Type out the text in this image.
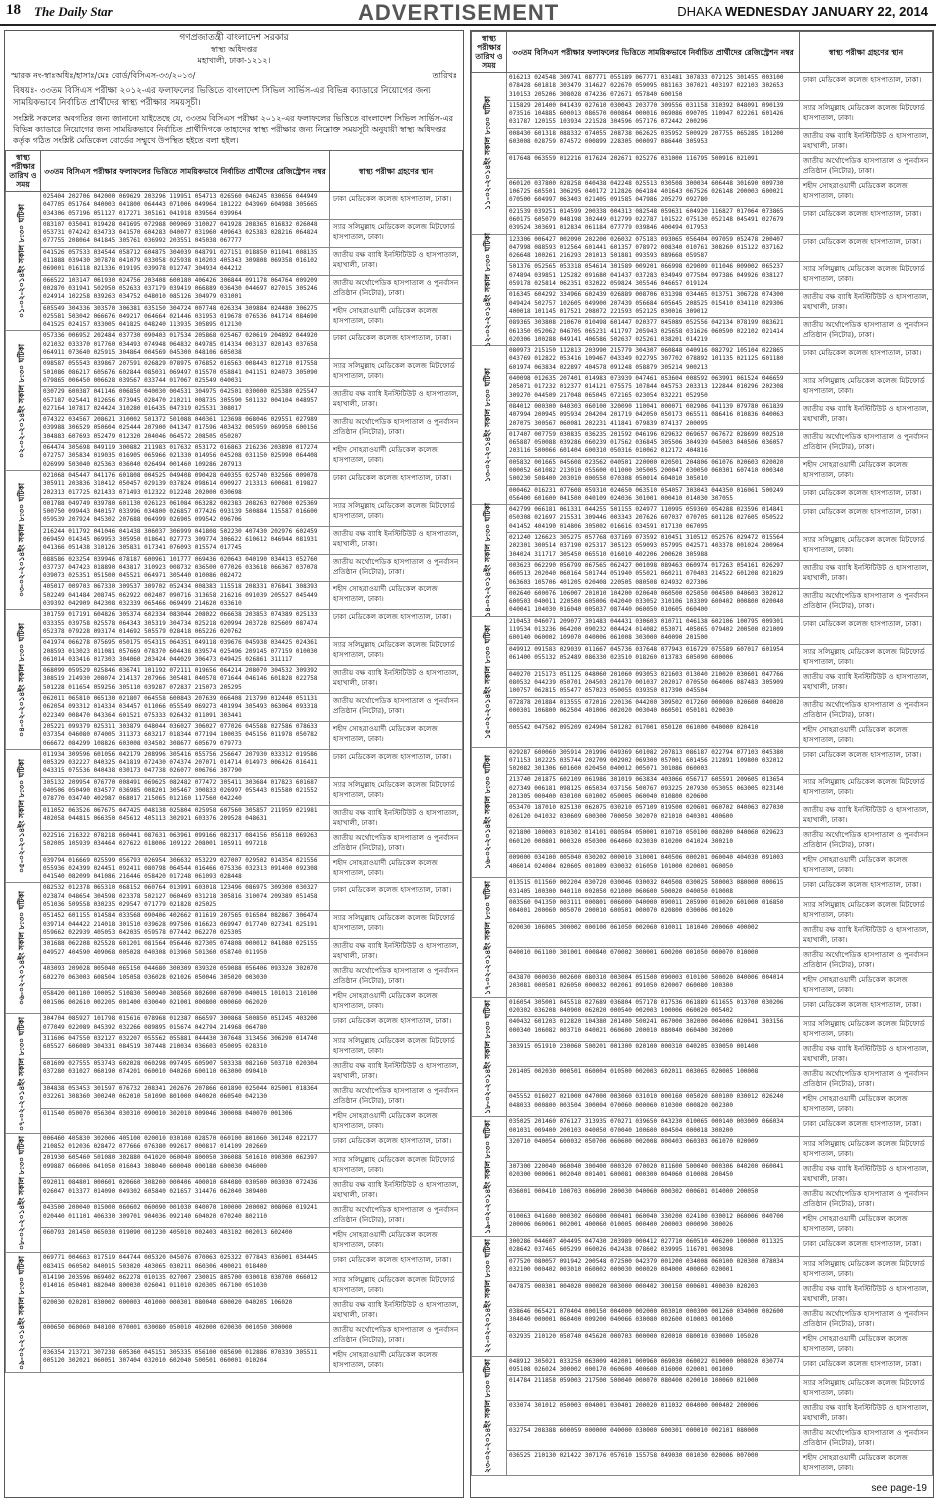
18 The Daily Star	ADVERTISEMENT	DHAKA WEDNESDAY JANUARY 22, 2014
গণপ্রজাতন্ত্রী বাংলাদেশ সরকার
স্বাস্থ্য অধিদপ্তর
মহাখালী, ঢাকা-১২১২।
স্মারক নং-স্বাঃঅধিঃ/হাসাঃ/মেঃ বোর্ড/বিসিএস-৩৩/২০১৩/	তারিখঃ
বিষয়ঃ- ৩৩তম বিসিএস পরীক্ষা ২০১২-এর ফলাফলের ভিত্তিতে বাংলাদেশ সিভিল সার্ভিস-এর বিভিন্ন ক্যাডারে নিয়োগের জন্য সাময়িকভাবে নির্বাচিত প্রার্থীদের স্বাস্থ্য পরীক্ষার সময়সূচী।
সংশ্লিষ্ট সকলের অবগতির জন্য জানানো যাইতেছে যে, ৩৩তম বিসিএস পরীক্ষা ২০১২-এর ফলাফলের ভিত্তিতে বাংলাদেশ সিভিল সার্ভিস-এর বিভিন্ন ক্যাডারে নিয়োগের জন্য সাময়িকভাবে নির্বাচিত প্রার্থীদিগকে তাহাদের স্বাস্থ্য পরীক্ষার জন্য নিম্নোক্ত সময়সূচী অনুযায়ী স্বাস্থ্য অধিদপ্তর কর্তৃক গঠিত সংশ্লিষ্ট মেডিকেল বোর্ডের সম্মুখে উপস্থিত হইতে বলা হইল।
স্বাস্থ্য পরীক্ষার তারিখ ও সময়	৩৩তম বিসিএস পরীক্ষার ফলাফলের ভিত্তিতে সাময়িকভাবে নির্বাচিত প্রার্থীদের রেজিস্ট্রেশন নম্বর	স্বাস্থ্য পরীক্ষা গ্রহণের স্থান

০১-০২-২০১৪ইং সকাল ৮:৩০ ঘটিকা	025404 202706 042000 069629 203296 119951 054713 026560 046245 030656 044949 047705 051764 040003 041800 064443 071006 049964 101222 043969 604988 305665 034306 057196 051127 017271 305161 041918 039564 039964	ঢাকা মেডিকেল কলেজ হাসপাতাল, ঢাকা।
	083107 035041 019428 041695 072988 009069 310027 041928 208365 016832 026048 053731 074242 034733 041570 604283 040077 031960 409643 025383 028216 064824 077755 208064 041845 305761 036992 203551 045038 067777	স্যার সলিমুল্লাহ মেডিকেল কলেজ মিটফোর্ড হাসপাতাল, ঢাকা।
	041526 057533 034544 058712 604875 304039 048791 027151 018850 011041 008135 011888 039430 307878 041079 033058 025938 010203 405343 309808 069358 016102 069001 016118 021336 019195 039978 012747 304934 044212	জাতীয় বক্ষ ব্যাধি ইনস্টিটিউট ও হাসপাতাল, মহাখালী, ঢাকা।
	066522 103147 061930 024756 203408 600180 406426 306844 091178 064764 009209 002870 031941 502950 052633 037179 039419 066889 036430 044697 027015 305246 024914 102258 039263 034752 048010 085126 304979 031001	জাতীয় অর্থোপেডিক হাসপাতাল ও পুনর্বাসন প্রতিষ্ঠান (নিটোর), ঢাকা।
	605549 304336 303570 306381 035150 304724 007748 026334 309884 024480 306275 025581 503042 066676 049217 064664 021446 031953 019678 076536 041714 084690 041525 024157 033005 041825 048240 113935 305895 012130	শহীদ সোহরাওয়ার্দী মেডিকেল কলেজ হাসপাতাল, ঢাকা।

০২-০২-২০১৪ইং সকাল ৮:৩০ ঘটিকা	057336 006952 202484 037730 090403 017534 205868 025467 020619 204892 044920 021032 033370 017760 034493 074948 064832 049785 014334 003137 020143 037658 064911 073640 025915 304864 004569 045300 048106 605038	ঢাকা মেডিকেল কলেজ হাসপাতাল, ঢাকা।
	098587 055543 039867 207591 026829 078975 076852 016563 008443 012710 017558 501086 086217 605676 602844 085031 069497 015570 058841 041151 024073 305090 079865 006450 006628 039567 033744 017067 025549 040031	স্যার সলিমুল্লাহ মেডিকেল কলেজ মিটফোর্ড হাসপাতাল, ঢাকা।
	030729 600387 041146 006850 040030 004531 304975 042501 030000 025380 025547 057187 025441 012656 073945 028470 210211 008735 305590 501132 004104 048957 027164 107817 024424 310280 016435 047319 025531 308017	জাতীয় বক্ষ ব্যাধি ইনস্টিটিউট ও হাসপাতাল, মহাখালী, ঢাকা।
	074322 034567 208621 310002 501372 501088 040361 123698 068046 029551 027989 039988 306529 050604 025444 207900 041347 017596 403432 005959 069950 600156 304883 607693 052479 012320 204046 064572 208505 050207	জাতীয় অর্থোপেডিক হাসপাতাল ও পুনর্বাসন প্রতিষ্ঠান (নিটোর), ঢাকা।
	064474 305698 049119 300882 211983 017632 053172 016863 216236 203890 017274 072757 305834 019035 016905 065966 021330 014956 045208 031150 025990 064408 026999 503040 025363 036040 026494 001460 109286 207913	শহীদ সোহরাওয়ার্দী মেডিকেল কলেজ হাসপাতাল, ঢাকা।

০৩-০২-২০১৪ইং সকাল ৮:৩০ ঘটিকা	021068 045447 041176 601808 004525 049408 090428 040355 025740 032566 009078 305911 203836 310412 050457 029139 037824 098614 090927 213313 600681 019827 202313 017725 021433 071493 012322 012248 202000 030698	ঢাকা মেডিকেল কলেজ হাসপাতাল, ঢাকা।
	001788 049749 039780 601130 026123 061084 063282 002383 208263 027000 025369 500750 099443 040157 033996 034800 026857 077426 093139 500884 115587 016600 059539 207924 045302 207688 064999 026905 099542 096706	স্যার সলিমুল্লাহ মেডিকেল কলেজ মিটফোর্ড হাসপাতাল, ঢাকা।
	216244 011792 041046 041438 306037 306999 041808 502230 407430 202976 602459 069459 014345 069953 305950 018641 027773 309774 306622 610612 046944 081931 041366 051438 310126 305831 017341 076093 015574 017745	জাতীয় বক্ষ ব্যাধি ইনস্টিটিউট ও হাসপাতাল, মহাখালী, ঢাকা।
	088586 023254 039946 078187 600961 101777 069436 020643 040190 034413 052760 037737 047423 018890 043817 310923 008732 036500 077026 033618 066367 037078 039073 025351 051500 045521 064971 305440 010086 082472	জাতীয় অর্থোপেডিক হাসপাতাল ও পুনর্বাসন প্রতিষ্ঠান (নিটোর), ঢাকা।
	405017 009703 067330 309537 309702 052434 008383 115518 208331 076841 308393 502249 041484 208745 062922 002407 090716 313658 216216 091039 205527 045449 039392 042909 042308 032339 065466 069499 214620 033610	শহীদ সোহরাওয়ার্দী মেডিকেল কলেজ হাসপাতাল, ঢাকা।

০৪-০২-২০১৪ইং সকাল ৮:৩০ ঘটিকা	301759 017191 604826 305374 602334 083044 208022 066638 203853 074389 025133 033355 039758 025578 064343 305319 304734 025218 020994 203728 025609 087474 052378 079228 093174 014692 505579 028418 065226 020762	ঢাকা মেডিকেল কলেজ হাসপাতাল, ঢাকা।
	041974 066278 075695 050175 054315 064351 049118 039676 045938 034425 024361 208593 013023 011081 057669 078370 604438 039574 025496 209145 077159 010030 061014 033416 017303 304060 203424 044029 306473 049425 026861 311117	স্যার সলিমুল্লাহ মেডিকেল কলেজ মিটফোর্ড হাসপাতাল, ঢাকা।
	068099 059529 025846 036741 101192 072111 019656 064214 208070 304532 309392 308519 214930 208074 214137 207966 305481 040578 071644 046146 601828 022758 501228 011654 059256 305110 039287 072837 215073 205295	জাতীয় বক্ষ ব্যাধি ইনস্টিটিউট ও হাসপাতাল, মহাখালী, ঢাকা।
	062011 065810 065130 021807 064558 600843 207639 066408 213790 012440 051131 062054 093312 014334 034457 011066 055549 069273 401994 305493 063064 093318 022349 008470 043364 601521 075333 026432 011091 303441	জাতীয় অর্থোপেডিক হাসপাতাল ও পুনর্বাসন প্রতিষ্ঠান (নিটোর), ঢাকা।
	205221 099379 025311 303879 048044 036027 306027 077026 045588 027586 078633 037354 046080 074005 311373 603217 018344 077194 100035 045156 011978 050782 066672 084299 108826 603008 034502 308677 605679 079773	শহীদ সোহরাওয়ার্দী মেডিকেল কলেজ হাসপাতাল, ঢাকা।

০৫-০২-২০১৪ইং সকাল ৮:৩০ ঘটিকা	011934 309596 601056 042179 208996 305416 055756 256647 207930 033312 019586 005329 032227 040325 041819 072430 074374 207071 014714 014973 006426 016411 043315 075536 040438 030173 047738 026077 006766 307790	ঢাকা মেডিকেল কলেজ হাসপাতাল, ঢাকা।
	305132 209954 076770 008491 069625 082482 077472 305411 303684 017823 601687 040506 050490 034577 036985 008201 305467 300833 026997 055443 015580 021552 078770 034740 402987 068017 215065 012160 117560 042240	স্যার সলিমুল্লাহ মেডিকেল কলেজ মিটফোর্ড হাসপাতাল, ঢাকা।
	011052 063526 067675 047425 048138 025804 025958 607560 305857 211959 021981 402058 044815 066350 045612 405113 302921 603376 209528 048631	জাতীয় বক্ষ ব্যাধি ইনস্টিটিউট ও হাসপাতাল, মহাখালী, ঢাকা।
	022516 216322 078218 060441 087631 063961 099166 082317 084156 056110 069263 502005 105939 034464 027622 018006 109122 208001 105911 097218	জাতীয় অর্থোপেডিক হাসপাতাল ও পুনর্বাসন প্রতিষ্ঠান (নিটোর), ঢাকা।
	039794 016669 025599 056793 026954 306632 053229 027007 029502 014354 021556 055936 024399 024451 092411 080798 064544 016466 075336 032313 091400 092308 041540 082099 041086 216446 058420 017248 061093 028448	শহীদ সোহরাওয়ার্দী মেডিকেল কলেজ হাসপাতাল, ঢাকা।

০৬-০২-২০১৪ইং সকাল ৮:৩০ ঘটিকা	082532 012378 065310 068152 060764 013991 603018 123496 086975 309300 030327 023874 048654 304598 023378 502127 060469 031218 305816 310074 209389 051458 051036 509558 030235 029547 071779 021828 025025	ঢাকা মেডিকেল কলেজ হাসপাতাল, ঢাকা।
	051452 601155 014584 033568 090406 402662 011619 207565 016504 082867 306474 039714 044422 214018 301510 039628 097506 016623 069947 017740 027341 025191 059662 022939 405053 042035 059578 077442 062270 025305	স্যার সলিমুল্লাহ মেডিকেল কলেজ মিটফোর্ড হাসপাতাল, ঢাকা।
	301688 062208 025528 601201 081564 056446 027305 074808 000012 041080 025155 049527 404590 409068 005028 040308 013960 501360 058740 011950	জাতীয় বক্ষ ব্যাধি ইনস্টিটিউট ও হাসপাতাল, মহাখালী, ঢাকা।
	403093 209028 005040 065150 044680 300309 039320 059088 056406 093320 302070 602270 063003 608504 105058 036028 021026 050046 305020 003030	জাতীয় অর্থোপেডিক হাসপাতাল ও পুনর্বাসন প্রতিষ্ঠান (নিটোর), ঢাকা।
	058420 001100 100052 510830 500940 308560 802600 607090 040015 101013 210100 001506 002610 002205 001400 030040 021001 000800 000060 062020	শহীদ সোহরাওয়ার্দী মেডিকেল কলেজ হাসপাতাল, ঢাকা।

০৭-০২-২০১৪ইং সকাল ৮:৩০ ঘটিকা	304704 085927 101798 015616 078968 012387 066597 300868 500850 051245 403200 077049 022089 045392 032266 089895 015674 042794 214968 064780	ঢাকা মেডিকেল কলেজ হাসপাতাল, ঢাকা।
	311606 047550 032127 032207 055562 055881 044430 307648 313456 306290 014740 605527 606089 304331 084519 307448 210034 036603 050095 028310	স্যার সলিমুল্লাহ মেডিকেল কলেজ মিটফোর্ড হাসপাতাল, ঢাকা।
	601609 027555 053743 602028 060298 097495 605907 503338 082160 503710 020304 037280 031027 060190 074201 060010 040260 600110 063000 090410	জাতীয় বক্ষ ব্যাধি ইনস্টিটিউট ও হাসপাতাল, মহাখালী, ঢাকা।
	304838 053453 301597 076732 208341 202676 207866 601890 025044 025001 018364 032261 308360 300240 062010 501090 801000 040020 060540 042130	জাতীয় অর্থোপেডিক হাসপাতাল ও পুনর্বাসন প্রতিষ্ঠান (নিটোর), ঢাকা।
	011540 050070 056304 030310 090010 302010 009046 300008 040070 001306	শহীদ সোহরাওয়ার্দী মেডিকেল কলেজ হাসপাতাল, ঢাকা।

০৮-০২-২০১৪ইং সকাল ৮:৩০ ঘটিকা	006460 405830 302006 405100 020010 030100 028570 060100 801060 301240 022177 210852 012036 028472 077666 076380 092617 000817 014109 202669	ঢাকা মেডিকেল কলেজ হাসপাতাল, ঢাকা।
	201930 605460 501080 302880 041020 060040 800050 306088 501610 090300 062397 099887 066006 041050 016043 308040 600040 000180 600030 046000	স্যার সলিমুল্লাহ মেডিকেল কলেজ মিটফোর্ড হাসপাতাল, ঢাকা।
	092011 084801 000601 020660 308200 000406 400010 604080 030500 003030 072436 026047 013377 014090 049302 605840 021657 314476 062040 309400	জাতীয় বক্ষ ব্যাধি ইনস্টিটিউট ও হাসপাতাল, মহাখালী, ঢাকা।
	043500 200040 015000 060602 060090 001030 040070 100000 200002 008060 019241 020440 011101 406330 309701 904036 092140 604020 070240 802110	জাতীয় অর্থোপেডিক হাসপাতাল ও পুনর্বাসন প্রতিষ্ঠান (নিটোর), ঢাকা।
	060793 201450 065030 019090 001230 405010 002403 403102 002013 602400	শহীদ সোহরাওয়ার্দী মেডিকেল কলেজ হাসপাতাল, ঢাকা।

০৯-০২-২০১৪ইং সকাল ৮:৩০ ঘটিকা	069771 004663 017519 044744 005320 045076 070063 025322 077843 036001 034445 083415 060502 040015 503020 403065 030211 060306 400021 018400	ঢাকা মেডিকেল কলেজ হাসপাতাল, ঢাকা।
	014190 203596 069402 062278 010135 027007 230015 805700 030018 030700 066012 014016 050401 082040 800030 026041 011010 020305 067100 051030	স্যার সলিমুল্লাহ মেডিকেল কলেজ মিটফোর্ড হাসপাতাল, ঢাকা।
	020030 020201 030002 000003 401000 000301 080040 600020 040205 106020	জাতীয় বক্ষ ব্যাধি ইনস্টিটিউট ও হাসপাতাল, মহাখালী, ঢাকা।
	000650 060060 040100 070001 030080 050010 402000 020030 001050 300000	জাতীয় অর্থোপেডিক হাসপাতাল ও পুনর্বাসন প্রতিষ্ঠান (নিটোর), ঢাকা।
	036354 213721 307238 605360 045151 305335 056100 085690 012886 070339 305511 005120 302021 060051 307404 032010 602040 500501 060001 010204	শহীদ সোহরাওয়ার্দী মেডিকেল কলেজ হাসপাতাল, ঢাকা।
স্বাস্থ্য পরীক্ষার তারিখ ও সময়	৩৩তম বিসিএস পরীক্ষার ফলাফলের ভিত্তিতে সাময়িকভাবে নির্বাচিত প্রার্থীদের রেজিস্ট্রেশন নম্বর	স্বাস্থ্য পরীক্ষা গ্রহণের স্থান

১১-০২-২০১৪ইং সকাল ৮:৩০ ঘটিকা	016213 024548 309741 087771 055189 067771 031481 307833 072125 301455 003100 078428 601818 303479 314627 022670 059095 081163 307021 403197 022103 302653 310153 205206 308028 074236 072671 057840 600150	ঢাকা মেডিকেল কলেজ হাসপাতাল, ঢাকা।
	115829 201400 041439 027610 030043 203770 309556 031158 310392 048091 090139 073516 104885 600013 086570 000864 000016 069086 090705 110947 022261 601426 031787 120155 103934 221528 304596 057176 072442 200296	স্যার সলিমুল্লাহ মেডিকেল কলেজ মিটফোর্ড হাসপাতাল, ঢাকা।
	008430 601318 088332 074055 208738 062625 035952 500929 207755 065285 101200 603008 028759 074572 000899 228305 000097 086440 305953	জাতীয় বক্ষ ব্যাধি ইনস্টিটিউট ও হাসপাতাল, মহাখালী, ঢাকা।
	017648 063559 012216 017624 202671 025276 031000 116795 500916 021091	জাতীয় অর্থোপেডিক হাসপাতাল ও পুনর্বাসন প্রতিষ্ঠান (নিটোর), ঢাকা।
	060120 037800 028258 040438 042248 025513 030508 300034 606448 301690 009730 106725 605501 306295 040172 212826 064184 401643 067526 026148 200003 600021 070500 604997 063403 021405 091585 047986 205279 092780	শহীদ সোহরাওয়ার্দী মেডিকেল কলেজ হাসপাতাল, ঢাকা।
	021539 039251 014599 200338 004313 082548 059631 604920 116827 017064 073865 060175 605079 048198 302449 012799 022787 101522 075130 052148 045491 027679 039524 303691 012834 061184 077779 039846 400494 017953	ঢাকা মেডিকেল কলেজ হাসপাতাল, ঢাকা।

১২-০২-২০১৪ইং সকাল ৮:৩০ ঘটিকা	123306 006427 002090 202200 026032 075183 093065 056404 097059 052478 200407 047998 088593 012564 601441 601357 078972 008340 010761 308260 015122 037162 026648 100261 216293 201013 501881 093593 089668 059587	ঢাকা মেডিকেল কলেজ হাসপাতাল, ঢাকা।
	501376 052565 053318 054614 301589 009201 066998 029009 011046 009002 065237 074894 039851 125282 091680 041437 037283 034949 077504 097386 049926 038127 059178 025814 062351 032022 059824 305546 046657 019124	স্যার সলিমুল্লাহ মেডিকেল কলেজ মিটফোর্ড হাসপাতাল, ঢাকা।
	016345 604292 334966 602439 026889 008706 031398 034465 013751 306728 074300 049424 502757 102605 049900 207439 056684 605645 208525 015410 034110 029306 400018 101145 017521 208072 221593 052125 030016 309012	জাতীয় বক্ষ ব্যাধি ইনস্টিটিউট ও হাসপাতাল, মহাখালী, ঢাকা।
	089365 303808 210670 010498 601447 020377 045089 052556 042134 078199 083621 061350 052062 046705 065231 411797 205943 025658 031626 060590 022102 021414 020306 100288 049141 406586 502637 025261 038201 014219	জাতীয় অর্থোপেডিক হাসপাতাল ও পুনর্বাসন প্রতিষ্ঠান (নিটোর), ঢাকা।

১৩-০২-২০১৪ইং সকাল ৮:৩০ ঘটিকা	080973 215150 112813 203990 215779 304307 060848 040916 082792 105104 022865 043769 012822 053416 109467 043349 022795 307702 078892 101135 021125 601180 601974 063834 022897 404578 091248 058879 305214 900213	ঢাকা মেডিকেল কলেজ হাসপাতাল, ঢাকা।
	040098 012635 207401 014983 073939 047461 053604 008592 063991 061524 046659 205071 017232 012377 014121 075575 107844 045753 203313 122844 010296 202308 309270 044509 217048 065045 072165 023054 032221 052950	স্যার সলিমুল্লাহ মেডিকেল কলেজ মিটফোর্ড হাসপাতাল, ঢাকা।
	084012 000300 040303 060100 320090 110041 000071 002906 041139 079780 061839 407994 200945 095934 204204 201719 042050 050173 065511 086416 010836 040063 207075 300567 060081 202231 411841 079839 074137 200095	জাতীয় বক্ষ ব্যাধি ইনস্টিটিউট ও হাসপাতাল, মহাখালী, ঢাকা।
	017407 007759 030835 036235 201592 046196 029632 069657 067672 028699 002510 065887 050088 039286 060239 017562 036845 305506 304939 045003 040506 036057 203116 500066 601404 600310 050316 010062 012172 404816	জাতীয় অর্থোপেডিক হাসপাতাল ও পুনর্বাসন প্রতিষ্ঠান (নিটোর), ঢাকা।
	005832 001665 045608 023562 040501 220000 020501 204806 061076 020603 020020 000052 601082 213010 055600 011000 305005 200047 030050 060301 607410 000340 500230 508400 203010 000550 070308 050014 604010 305010	শহীদ সোহরাওয়ার্দী মেডিকেল কলেজ হাসপাতাল, ঢাকা।
	000462 016231 077608 059310 024650 063510 054057 303043 044350 016061 500249 056400 601600 041500 040109 024036 301001 000410 014030 307055	ঢাকা মেডিকেল কলেজ হাসপাতাল, ঢাকা।

১৪-০২-২০১৪ইং সকাল ৮:৩০ ঘটিকা	042799 066181 061331 044255 501155 024977 110995 059369 054288 023596 014841 050308 021697 215531 309446 003343 207626 607037 070705 601128 027605 050522 041452 404190 014806 305002 016616 034591 017130 067095	ঢাকা মেডিকেল কলেজ হাসপাতাল, ঢাকা।
	021240 126623 305275 057768 037169 073592 010451 310512 052576 029472 015564 202301 300514 037190 025317 305123 059093 057995 042571 403378 001024 200964 304024 311717 305450 065510 016010 402206 200620 305988	স্যার সলিমুল্লাহ মেডিকেল কলেজ মিটফোর্ড হাসপাতাল, ঢাকা।
	003623 062290 056799 067565 062427 001098 089463 060974 017263 054161 026297 060513 202040 060164 501744 051940 055021 060211 070403 214522 601208 021029 063603 105706 401205 020408 220505 080508 024932 027306	জাতীয় বক্ষ ব্যাধি ইনস্টিটিউট ও হাসপাতাল, মহাখালী, ঢাকা।
	002640 600076 106007 201010 104200 020640 060500 025050 004500 040603 302012 600503 040011 220500 605006 042040 033052 310106 103309 600402 000800 020040 040041 104030 016040 005037 087440 060050 010605 060400	জাতীয় অর্থোপেডিক হাসপাতাল ও পুনর্বাসন প্রতিষ্ঠান (নিটোর), ঢাকা।

১৫-০২-২০১৪ইং সকাল ৮:৩০ ঘটিকা	210453 046071 209077 301483 044431 030603 010711 046138 602106 100795 009301 119534 013236 064200 090232 004424 014082 053071 405065 079402 200500 021009 600140 060002 109070 040006 061008 303000 040090 201500	ঢাকা মেডিকেল কলেজ হাসপাতাল, ঢাকা।
	049912 091583 029039 011667 045736 037648 077943 016729 075589 607017 601954 061400 055132 052489 086330 023510 018260 013783 605090 600006	স্যার সলিমুল্লাহ মেডিকেল কলেজ মিটফোর্ড হাসপাতাল, ঢাকা।
	040270 215173 051125 048060 201060 093053 021603 013040 210020 030601 047766 080532 044239 050701 204503 202170 001037 202017 070550 064006 087483 305909 100757 062815 055477 057023 050055 039350 017390 045504	জাতীয় বক্ষ ব্যাধি ইনস্টিটিউট ও হাসপাতাল, মহাখালী, ঢাকা।
	072878 201884 013555 072016 220136 044200 309502 017260 000080 020600 040020 000301 106800 062504 401006 002020 003040 060501 050101 020030	জাতীয় অর্থোপেডিক হাসপাতাল ও পুনর্বাসন প্রতিষ্ঠান (নিটোর), ঢাকা।
	005542 047502 095209 024904 501202 017001 050120 061000 040000 020410	শহীদ সোহরাওয়ার্দী মেডিকেল কলেজ হাসপাতাল, ঢাকা।

১৬-০২-২০১৪ইং সকাল ৮:৩০ ঘটিকা	029287 600060 305914 201996 049369 601082 207813 086187 022794 077103 045380 071153 102225 035744 202709 002902 069300 057001 601456 212891 109800 032012 502082 301306 601600 020450 040012 005071 301086 060003	ঢাকা মেডিকেল কলেজ হাসপাতাল, ঢাকা।
	213740 201875 602109 061986 301019 063834 403066 056717 605591 209605 013654 027349 006181 098125 065034 037156 500767 093225 207930 053055 063005 023140 201305 000400 030100 601002 050005 060040 010800 020600	স্যার সলিমুল্লাহ মেডিকেল কলেজ মিটফোর্ড হাসপাতাল, ঢাকা।
	053470 187010 025130 062075 030210 057109 019500 020601 060702 040063 027030 026120 041032 030609 600300 700050 302070 021010 040301 400600	জাতীয় বক্ষ ব্যাধি ইনস্টিটিউট ও হাসপাতাল, মহাখালী, ঢাকা।
	021800 100003 010302 014101 080504 050001 010710 050100 080200 040060 029623 060120 000801 000320 050300 064060 023030 010200 041024 300210	জাতীয় অর্থোপেডিক হাসপাতাল ও পুনর্বাসন প্রতিষ্ঠান (নিটোর), ঢাকা।
	009000 034100 005040 030202 000010 310001 040506 000201 060040 404030 091003 406014 024004 020605 001009 030032 016050 101000 020001 060050	শহীদ সোহরাওয়ার্দী মেডিকেল কলেজ হাসপাতাল, ঢাকা।

১৭-০২-২০১৪ইং সকাল ৮:৩০ ঘটিকা	013515 011560 002204 030720 030046 030032 040508 030025 500003 080000 000615 031405 100300 040110 002050 021000 060600 500020 040050 010008	ঢাকা মেডিকেল কলেজ হাসপাতাল, ঢাকা।
	003560 041350 003111 000801 006000 040000 090011 205900 010020 601000 016850 004001 200060 005070 200010 600501 000070 020800 030006 001020	স্যার সলিমুল্লাহ মেডিকেল কলেজ মিটফোর্ড হাসপাতাল, ঢাকা।
	020030 106005 300002 000100 061050 002060 010011 101040 200060 400002	জাতীয় বক্ষ ব্যাধি ইনস্টিটিউট ও হাসপাতাল, মহাখালী, ঢাকা।
	040010 061100 301001 000840 070002 300001 600200 001050 000070 010000	জাতীয় অর্থোপেডিক হাসপাতাল ও পুনর্বাসন প্রতিষ্ঠান (নিটোর), ঢাকা।
	043870 000030 002600 080310 003004 051500 090003 010100 500020 040006 004014 203081 000501 026050 000032 002061 091050 020007 060080 100300	শহীদ সোহরাওয়ার্দী মেডিকেল কলেজ হাসপাতাল, ঢাকা।

১৮-০২-২০১৪ইং সকাল ৮:৩০ ঘটিকা	016054 305001 045518 027689 036804 057178 017536 061889 611655 013700 030206 020302 036208 040900 062020 000540 002003 100006 060020 005402	ঢাকা মেডিকেল কলেজ হাসপাতাল, ঢাকা।
	040432 601203 012820 104380 201400 500241 067000 302000 004006 020041 303156 000340 106082 003710 040021 060600 200010 080040 060400 302000	স্যার সলিমুল্লাহ মেডিকেল কলেজ মিটফোর্ড হাসপাতাল, ঢাকা।
	303915 051910 230060 500201 001300 020100 000310 040205 030050 001400	জাতীয় বক্ষ ব্যাধি ইনস্টিটিউট ও হাসপাতাল, মহাখালী, ঢাকা।
	201405 002030 000501 060004 010500 002003 602011 003065 020005 100008	জাতীয় অর্থোপেডিক হাসপাতাল ও পুনর্বাসন প্রতিষ্ঠান (নিটোর), ঢাকা।
	045552 016027 021000 047000 003060 031010 000160 005020 600100 030012 026240 048033 000800 003504 300004 070060 000060 010300 000820 002300	শহীদ সোহরাওয়ার্দী মেডিকেল কলেজ হাসপাতাল, ঢাকা।

১৯-০২-২০১৪ইং সকাল ৮:৩০ ঘটিকা	035025 201460 076127 313935 070271 039650 043230 010065 000140 003009 066034 001031 009400 200103 040050 070040 100600 004504 000018 300200	ঢাকা মেডিকেল কলেজ হাসপাতাল, ঢাকা।
	320710 040054 600032 050700 060600 002008 000403 060303 061070 020009	স্যার সলিমুল্লাহ মেডিকেল কলেজ মিটফোর্ড হাসপাতাল, ঢাকা।
	307300 220040 060040 300400 000320 070020 011600 500040 000306 040200 060041 020300 000061 002040 001401 600081 000300 004060 010008 200450	জাতীয় বক্ষ ব্যাধি ইনস্টিটিউট ও হাসপাতাল, মহাখালী, ঢাকা।
	036001 000410 100703 006090 200030 040060 000302 000601 014000 200050	জাতীয় অর্থোপেডিক হাসপাতাল ও পুনর্বাসন প্রতিষ্ঠান (নিটোর), ঢাকা।
	010063 041600 000302 060800 000401 060040 330200 024100 030012 060006 040700 200006 060061 002001 400060 010005 000400 200003 000090 300026	শহীদ সোহরাওয়ার্দী মেডিকেল কলেজ হাসপাতাল, ঢাকা।

২২-০২-২০১৪ইং সকাল ৮:৩০ ঘটিকা	300286 044607 404495 047430 203989 000412 027710 060510 406200 100000 011325 028642 037465 605299 060026 042438 078602 039995 116701 003098	ঢাকা মেডিকেল কলেজ হাসপাতাল, ঢাকা।
	077520 080057 091942 200548 072500 042379 001200 034008 060100 020300 078034 032100 000402 003010 060002 000030 000020 004000 400060 020001	স্যার সলিমুল্লাহ মেডিকেল কলেজ মিটফোর্ড হাসপাতাল, ঢাকা।
	047875 000301 004020 000020 003000 000402 300150 000601 400030 020203	জাতীয় বক্ষ ব্যাধি ইনস্টিটিউট ও হাসপাতাল, মহাখালী, ঢাকা।
	038646 065421 070404 000150 004000 002000 003010 000300 001260 034000 002600 304040 000001 060400 009200 040066 030080 002600 010003 001000	জাতীয় অর্থোপেডিক হাসপাতাল ও পুনর্বাসন প্রতিষ্ঠান (নিটোর), ঢাকা।
	032935 210120 050740 045620 000703 000000 020010 080010 030000 105020	শহীদ সোহরাওয়ার্দী মেডিকেল কলেজ হাসপাতাল, ঢাকা।

২৩-০২-২০১৪ইং সকাল ৮:৩০ ঘটিকা	048912 305021 033250 063009 402001 000960 069030 060022 010000 008020 030774 095108 026024 300002 000170 060600 400600 016000 020001 001000	ঢাকা মেডিকেল কলেজ হাসপাতাল, ঢাকা।
	014784 211858 059003 217500 500040 000070 080400 020010 100060 021000	স্যার সলিমুল্লাহ মেডিকেল কলেজ মিটফোর্ড হাসপাতাল, ঢাকা।
	033074 301012 050003 004001 030401 200020 011032 004000 000402 200006	জাতীয় বক্ষ ব্যাধি ইনস্টিটিউট ও হাসপাতাল, মহাখালী, ঢাকা।
	032754 208388 600059 000000 040000 030000 600301 000010 002101 080000	জাতীয় অর্থোপেডিক হাসপাতাল ও পুনর্বাসন প্রতিষ্ঠান (নিটোর), ঢাকা।
	036525 210130 021422 307176 057610 155758 049030 001030 020006 007000	শহীদ সোহরাওয়ার্দী মেডিকেল কলেজ হাসপাতাল, ঢাকা।
see page-19
